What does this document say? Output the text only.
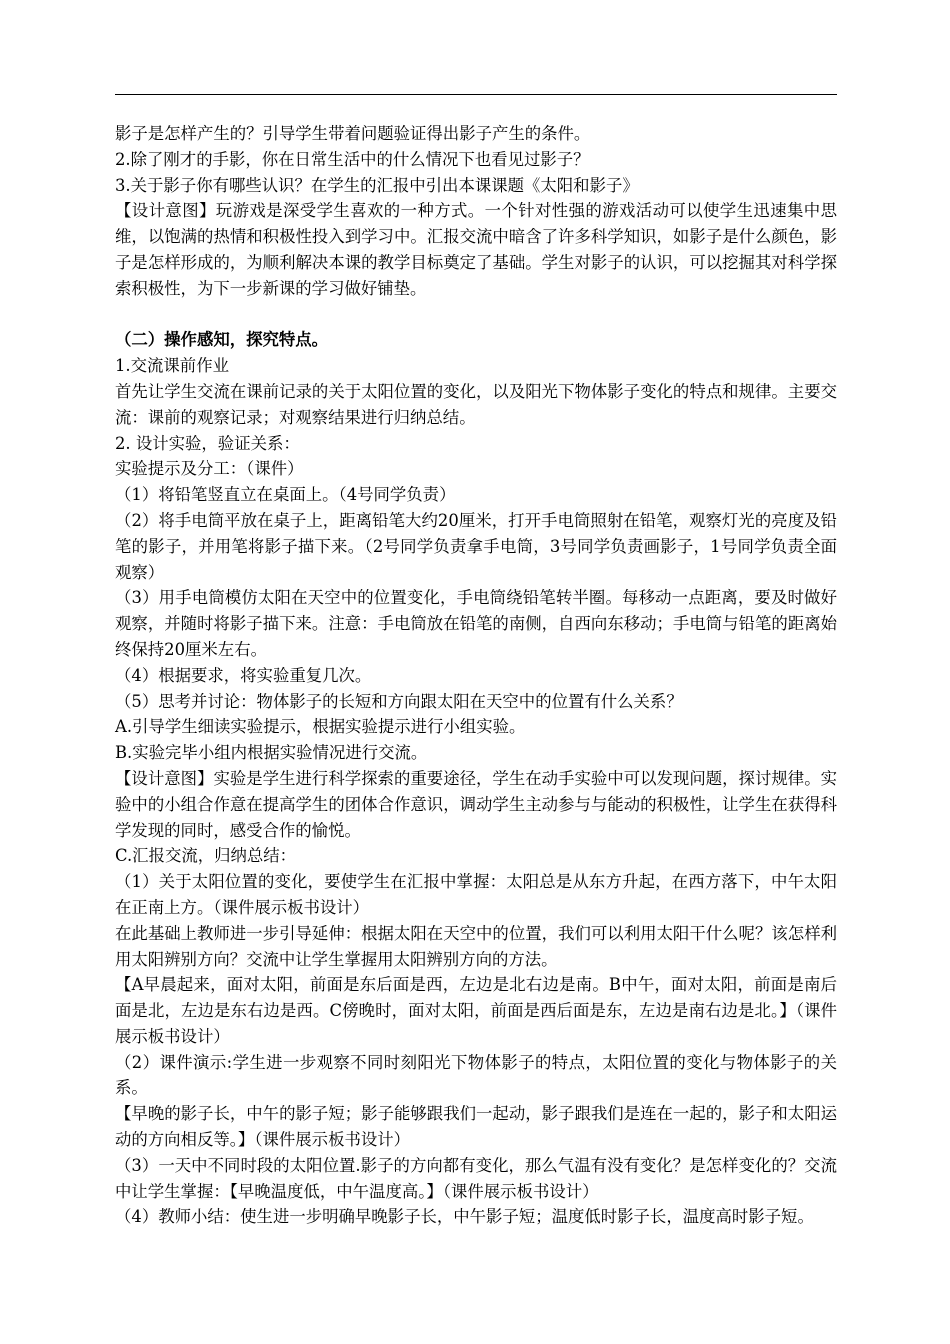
影子是怎样产生的？引导学生带着问题验证得出影子产生的条件。

2.除了刚才的手影，你在日常生活中的什么情况下也看见过影子？

3.关于影子你有哪些认识？在学生的汇报中引出本课课题《太阳和影子》

【设计意图】玩游戏是深受学生喜欢的一种方式。一个针对性强的游戏活动可以使学生迅速集中思维，以饱满的热情和积极性投入到学习中。汇报交流中暗含了许多科学知识，如影子是什么颜色，影子是怎样形成的，为顺利解决本课的教学目标奠定了基础。学生对影子的认识，可以挖掘其对科学探索积极性，为下一步新课的学习做好铺垫。

（二）操作感知，探究特点。

1.交流课前作业

首先让学生交流在课前记录的关于太阳位置的变化，以及阳光下物体影子变化的特点和规律。主要交流：课前的观察记录；对观察结果进行归纳总结。

2. 设计实验，验证关系：

实验提示及分工：（课件）

（1）将铅笔竖直立在桌面上。（4号同学负责）

（2）将手电筒平放在桌子上，距离铅笔大约20厘米，打开手电筒照射在铅笔，观察灯光的亮度及铅笔的影子，并用笔将影子描下来。（2号同学负责拿手电筒，3号同学负责画影子，1号同学负责全面观察）

（3）用手电筒模仿太阳在天空中的位置变化，手电筒绕铅笔转半圈。每移动一点距离，要及时做好观察，并随时将影子描下来。注意：手电筒放在铅笔的南侧，自西向东移动；手电筒与铅笔的距离始终保持20厘米左右。

（4）根据要求，将实验重复几次。

（5）思考并讨论：物体影子的长短和方向跟太阳在天空中的位置有什么关系？

A.引导学生细读实验提示，根据实验提示进行小组实验。

B.实验完毕小组内根据实验情况进行交流。

【设计意图】实验是学生进行科学探索的重要途径，学生在动手实验中可以发现问题，探讨规律。实验中的小组合作意在提高学生的团体合作意识，调动学生主动参与与能动的积极性，让学生在获得科学发现的同时，感受合作的愉悦。

C.汇报交流，归纳总结：

（1）关于太阳位置的变化，要使学生在汇报中掌握：太阳总是从东方升起，在西方落下，中午太阳在正南上方。（课件展示板书设计）

在此基础上教师进一步引导延伸：根据太阳在天空中的位置，我们可以利用太阳干什么呢？该怎样利用太阳辨别方向？交流中让学生掌握用太阳辨别方向的方法。

【A早晨起来，面对太阳，前面是东后面是西，左边是北右边是南。B中午，面对太阳，前面是南后面是北，左边是东右边是西。C傍晚时，面对太阳，前面是西后面是东，左边是南右边是北。】（课件展示板书设计）

（2）课件演示:学生进一步观察不同时刻阳光下物体影子的特点，太阳位置的变化与物体影子的关系。

【早晚的影子长，中午的影子短；影子能够跟我们一起动，影子跟我们是连在一起的，影子和太阳运动的方向相反等。】（课件展示板书设计）

（3）一天中不同时段的太阳位置.影子的方向都有变化，那么气温有没有变化？是怎样变化的？交流中让学生掌握：【早晚温度低，中午温度高。】（课件展示板书设计）

（4）教师小结：使生进一步明确早晚影子长，中午影子短；温度低时影子长，温度高时影子短。
